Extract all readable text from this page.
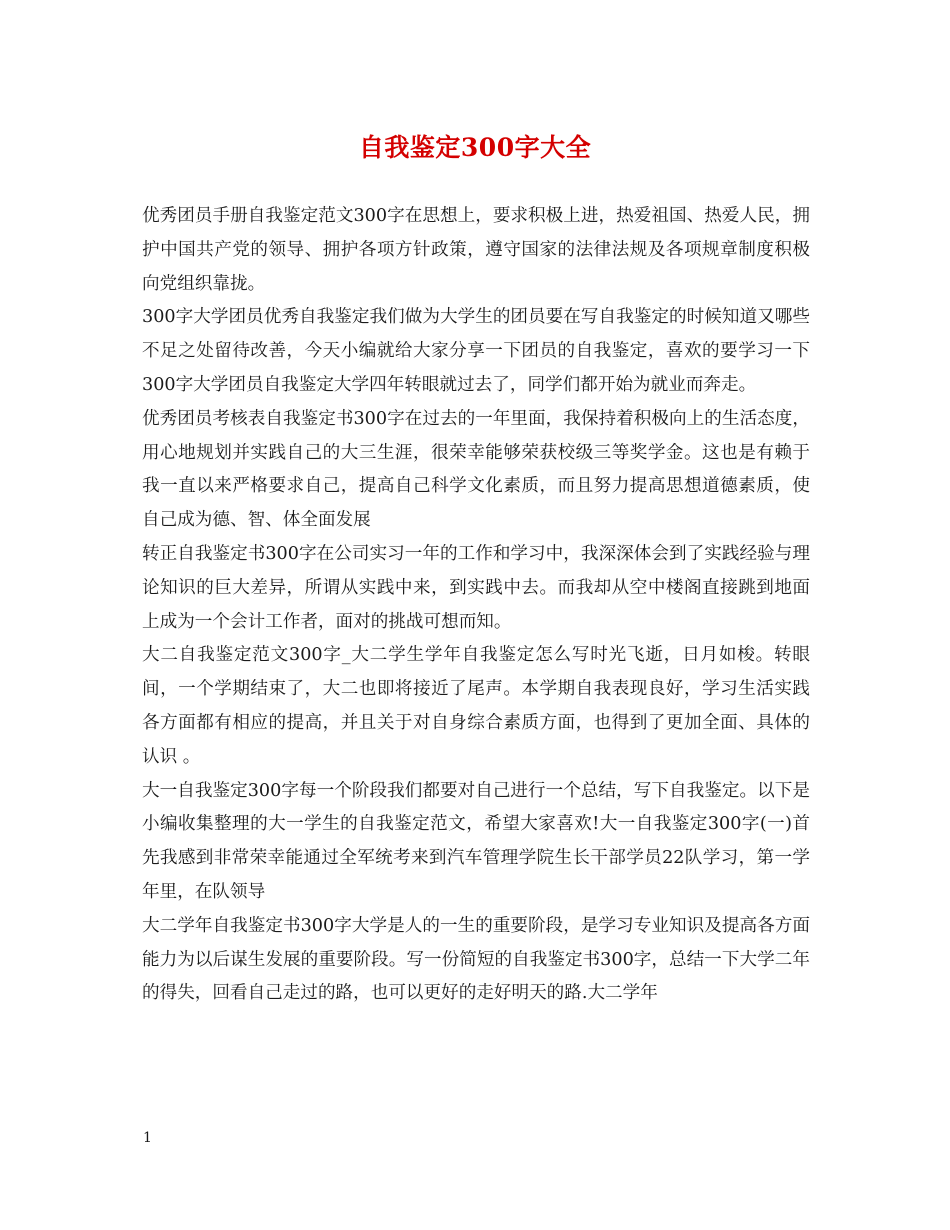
自我鉴定300字大全

优秀团员手册自我鉴定范文300字在思想上，要求积极上进，热爱祖国、热爱人民，拥护中国共产党的领导、拥护各项方针政策，遵守国家的法律法规及各项规章制度积极向党组织靠拢。

300字大学团员优秀自我鉴定我们做为大学生的团员要在写自我鉴定的时候知道又哪些不足之处留待改善，今天小编就给大家分享一下团员的自我鉴定，喜欢的要学习一下300字大学团员自我鉴定大学四年转眼就过去了，同学们都开始为就业而奔走。

优秀团员考核表自我鉴定书300字在过去的一年里面，我保持着积极向上的生活态度，用心地规划并实践自己的大三生涯，很荣幸能够荣获校级三等奖学金。这也是有赖于我一直以来严格要求自己，提高自己科学文化素质，而且努力提高思想道德素质，使自己成为德、智、体全面发展

转正自我鉴定书300字在公司实习一年的工作和学习中，我深深体会到了实践经验与理论知识的巨大差异，所谓从实践中来，到实践中去。而我却从空中楼阁直接跳到地面上成为一个会计工作者，面对的挑战可想而知。

大二自我鉴定范文300字_大二学生学年自我鉴定怎么写时光飞逝，日月如梭。转眼间，一个学期结束了，大二也即将接近了尾声。本学期自我表现良好，学习生活实践各方面都有相应的提高，并且关于对自身综合素质方面，也得到了更加全面、具体的认识 。

大一自我鉴定300字每一个阶段我们都要对自己进行一个总结，写下自我鉴定。以下是小编收集整理的大一学生的自我鉴定范文，希望大家喜欢!大一自我鉴定300字(一)首先我感到非常荣幸能通过全军统考来到汽车管理学院生长干部学员22队学习，第一学年里，在队领导

大二学年自我鉴定书300字大学是人的一生的重要阶段，是学习专业知识及提高各方面能力为以后谋生发展的重要阶段。写一份简短的自我鉴定书300字，总结一下大学二年的得失，回看自己走过的路，也可以更好的走好明天的路.大二学年

1
